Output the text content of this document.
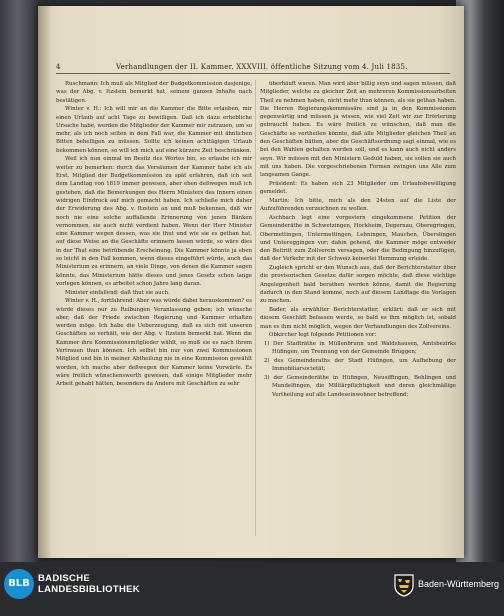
4	Verhandlungen der II. Kammer. XXXVIII. öffentliche Sitzung vom 4. Juli 1835.

Ruschmann: Ich muß als Mitglied der Budgetkommission dasjenige, was der Abg. v. Itzstein bemerkt hat, seinem ganzen Inhalte nach bestätigen.

Winter v. H.: Ich will mir an die Kammer die Bitte erlauben, mir einen Urlaub auf acht Tage zu bewilligen. Daß ich dazu erhebliche Ursache habe, werden die Mitglieder der Kammer mir zutrauen, um so mehr, als ich noch selten in dem Fall war, die Kammer mit ähnlichen Bitten behelligen zu müssen. Sollte ich keinen achttägigen Urlaub bekommen können, so will ich mich auf eine kürzere Zeit beschränken.

Weil ich nun einmal im Besitz des Wortes bin, so erlaube ich mir weiter zu bemerken: durch das Versäumen der Kammer habe ich als Erst. Mitglied der Budgetkommission zu spät erfahren, daß ich seit dem Landtag von 1819 immer gewesen, aber eben deßwegen muß ich gestehen, daß die Bemerkungen des Herrn Ministers des Innern einen widrigen Eindruck auf mich gemacht haben. Ich schließe mich daher der Erwiderung des Abg. v. Itzstein an und muß bekennen, daß wir noch nie eine solche auffallende Erinnerung von jenen Bänken vernommen, sie auch nicht verdient haben. Wenn der Herr Minister eine Kammer wegen dessen, was sie thut und wie sie es gethan hat, auf diese Weise an die Geschäfte erinnern lassen würde, so wäre dies in der That eine betrübende Erscheinung. Die Kammer könnte ja eben so leicht in den Fall kommen, wenn dieses eingeführt würde, auch das Ministerium zu erinnern, an viele Dinge, von denen die Kammer sagen könnte, das Ministerium hätte dieses und jenes Gesetz schon lange vorlegen können, es arbeitet schon Jahre lang daran.

Minister einfallend: daß thut sie auch.

Winter v. H., fortfahrend: Aber was würde dabei herauskommen? es würde dieses nur zu Reibungen Veranlassung geben; ich wünsche aber, daß der Friede zwischen Regierung und Kammer erhalten werden möge. Ich habe die Ueberzeugung, daß es sich mit unseren Geschäften so verhält, wie der Abg. v. Itzstein bemerkt hat. Wenn die Kammer ihre Kommissionsmitglieder wählt, so muß sie es nach ihrem Vertrauen thun können. Ich selbst bin nur von zwei Kommissionen Mitglied und bin in meiner Abtheilung nie in eine Kommission gewählt worden, ich mache aber deßwegen der Kammer keine Vorwürfe. Es wäre freilich wünschenswerth gewesen, daß einige Mitglieder mehr Arbeit gehabt hätten, besonders da Andere mit Geschäften zu sehr

überhäuft waren. Man wird aber billig seyn und sagen müssen, daß Mitglieder, welche zu gleicher Zeit an mehreren Kommissionsarbeiten Theil zu nehmen haben, nicht mehr thun können, als sie gethan haben. Die Herren Regierungskommissäre sind ja in den Kommissionen gegenwärtig und müssen ja wissen, wie viel Zeit wir zur Erörterung gebraucht haben. Es wäre freilich zu wünschen, daß man die Geschäfte so vertheilen könnte, daß alle Mitglieder gleichen Theil an den Geschäften hätten, aber die Geschäftsordnung sagt einmal, wie es bei den Wahlen gehalten werden soll, und es kann auch nicht anders seyn. Wir müssen mit den Ministern Geduld haben, sie sollen sie auch mit uns haben. Die vorgeschriebenen Formen zwingen uns Alle zum langsamen Gange.

Präsident: Es haben sich 23 Mitglieder um Urlaubsbewilligung gemeldet.

Martin: Ich bitte, mich als den 24sten auf die Liste der Aufzuführenden verzeichnen zu wollen.

Aschbach legt eine vorgestern eingekommene Petition der Gemeinderäthe in Schwetzingen, Hockheim, Degernau, Oberegringen, Obermettingen, Untermettingen, Lehningen, Mauchen, Überslingen und Untereggingen vor; dahin gehend, die Kammer möge entweder den Beitritt zum Zollverein versagen, oder die Bedingung hinzufügen, daß der Verkehr mit der Schweiz keinerlei Hemmung erleide.

Zugleich spricht er den Wunsch aus, daß der Berichterstatter über die provisorischen Gesetze dafür sorgen möchte, daß diese wichtige Angelegenheit bald berathen werden könne, damit die Regierung dadurch in den Stand komme, noch auf diesem Landtage die Vorlagen zu machen.

Bader, als erwählter Berichterstatter, erklärt: daß er sich mit diesem Geschäft befassen werde, so bald es ihm möglich ist, sobald man es ihm nicht möglich, wegen der Verhandlungen des Zollvereins.

Obkircher legt folgende Petitionen vor:

1) Der Stadträthe in Müllenbrunn und Waldshausen, Amtsbezirks Hüfingen, um Trennung von der Gemeinde Bruggen;

2) des Gemeinderaths der Stadt Hüfingen, um Aufhebung der Immobiliarsocietät;

3) der Gemeinderäthe in Hüfingen, Neusiffingen, Behlingen und Mundelfingen, die Militärpflichtigkeit und deren gleichmäßige Vertheilung auf alle Landeseinwohner betreffend;

BLB BADISCHE
LANDESBIBLIOTHEK	Baden-Württemberg
